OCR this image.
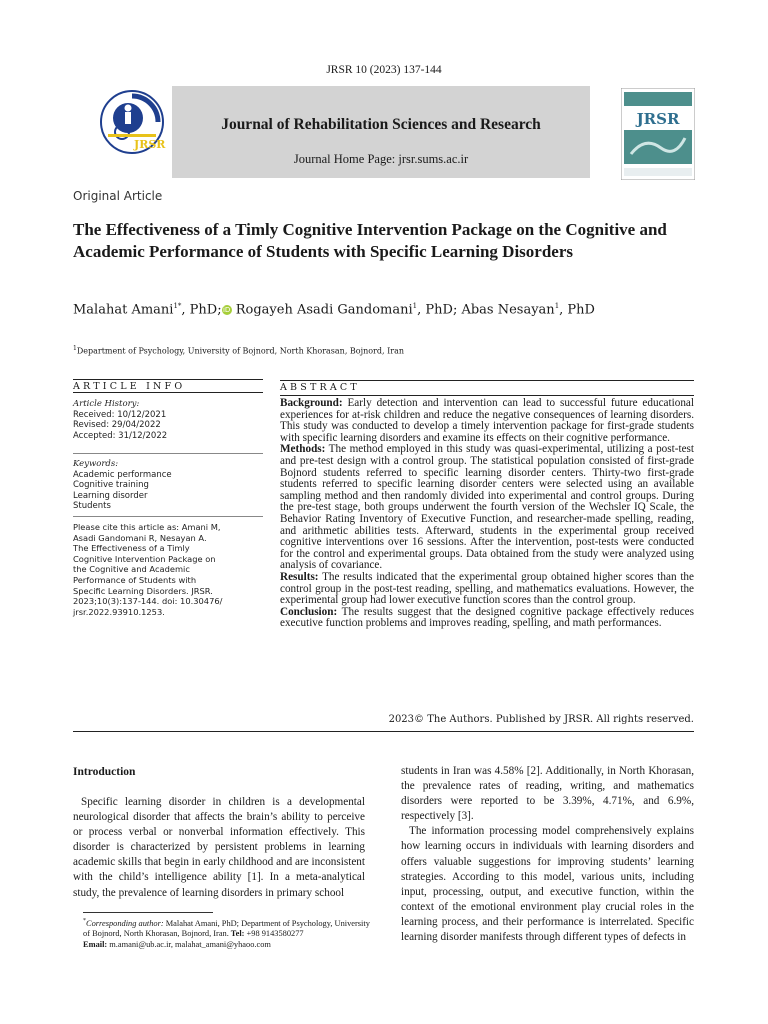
JRSR 10 (2023) 137-144
JRSR
Journal of Rehabilitation Sciences and Research
Journal Home Page: jrsr.sums.ac.ir
JRSR
Original Article
The Effectiveness of a Timly Cognitive Intervention Package on the Cognitive and Academic Performance of Students with Specific Learning Disorders
Malahat Amani$^{1*}$, PhD;iD Rogayeh Asadi Gandomani$^1$, PhD; Abas Nesayan$^1$, PhD
$^1$Department of Psychology, University of Bojnord, North Khorasan, Bojnord, Iran
ARTICLE INFO	ABSTRACT
Article History:
Received: 10/12/2021
Revised: 29/04/2022
Accepted: 31/12/2022
Keywords:
Academic performance
Cognitive training
Learning disorder
Students
Please cite this article as: Amani M, Asadi Gandomani R, Nesayan A. The Effectiveness of a Timly Cognitive Intervention Package on the Cognitive and Academic Performance of Students with Specific Learning Disorders. JRSR. 2023;10(3):137-144. doi: 10.30476/ jrsr.2022.93910.1253.

Background: Early detection and intervention can lead to successful future educational experiences for at-risk children and reduce the negative consequences of learning disorders. This study was conducted to develop a timely intervention package for first-grade students with specific learning disorders and examine its effects on their cognitive performance.

Methods: The method employed in this study was quasi-experimental, utilizing a post-test and pre-test design with a control group. The statistical population consisted of first-grade Bojnord students referred to specific learning disorder centers. Thirty-two first-grade students referred to specific learning disorder centers were selected using an available sampling method and then randomly divided into experimental and control groups. During the pre-test stage, both groups underwent the fourth version of the Wechsler IQ Scale, the Behavior Rating Inventory of Executive Function, and researcher-made spelling, reading, and arithmetic abilities tests. Afterward, students in the experimental group received cognitive interventions over 16 sessions. After the intervention, post-tests were conducted for the control and experimental groups. Data obtained from the study were analyzed using analysis of covariance.

Results: The results indicated that the experimental group obtained higher scores than the control group in the post-test reading, spelling, and mathematics evaluations. However, the experimental group had lower executive function scores than the control group.

Conclusion: The results suggest that the designed cognitive package effectively reduces executive function problems and improves reading, spelling, and math performances.

2023© The Authors. Published by JRSR. All rights reserved.
Introduction
Specific learning disorder in children is a developmental neurological disorder that affects the brain’s ability to perceive or process verbal or nonverbal information effectively. This disorder is characterized by persistent problems in learning academic skills that begin in early childhood and are inconsistent with the child’s intelligence ability [1]. In a meta-analytical study, the prevalence of learning disorders in primary school

students in Iran was 4.58% [2]. Additionally, in North Khorasan, the prevalence rates of reading, writing, and mathematics disorders were reported to be 3.39%, 4.71%, and 6.9%, respectively [3].

The information processing model comprehensively explains how learning occurs in individuals with learning disorders and offers valuable suggestions for improving students’ learning strategies. According to this model, various units, including input, processing, output, and executive function, within the context of the emotional environment play crucial roles in the learning process, and their performance is interrelated. Specific learning disorder manifests through different types of defects in

*Corresponding author: Malahat Amani, PhD; Department of Psychology, University of Bojnord, North Khorasan, Bojnord, Iran. Tel: +98 9143580277
Email: m.amani@ub.ac.ir, malahat_amani@yhaoo.com
